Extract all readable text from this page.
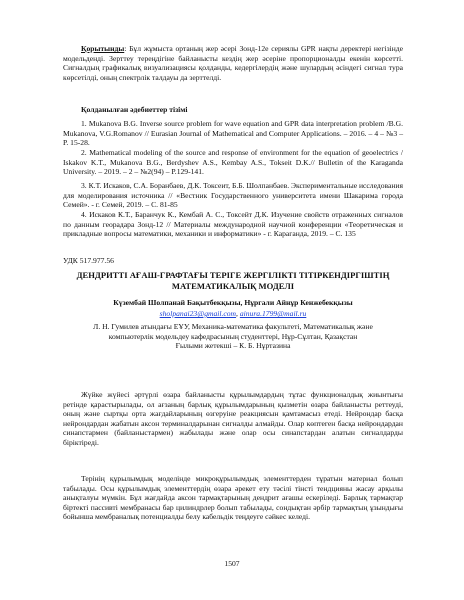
Қорытынды: Бұл жұмыста ортаның жер әсері Зонд-12е сериялы GPR нақты деректері негізінде модельденді. Зерттеу тереңдігіне байланысты кездің жер әсеріне пропорционалды екенін көрсетті. Сигналдың графикалық визуализациясы қолданды, кедергілердің және шулардың әсіндегі сигнал тура көрсетілді, оның спектрлік талдауы да зерттелді.

Қолданылған әдебиеттер тізімі

1. Mukanova B.G. Inverse source problem for wave equation and GPR data interpretation problem /B.G. Mukanova, V.G.Romanov // Eurasian Journal of Mathematical and Computer Applications. – 2016. – 4 – №3 – P. 15-28.

2. Mathematical modeling of the source and response of environment for the equation of geoelectrics / Iskakov K.T., Mukanova B.G., Berdyshev A.S., Kembay A.S., Tokseit D.K.// Bulletin of the Karaganda University. – 2019. – 2 – №2(94) – P.129-141.

3. К.Т. Искаков, С.А. Боранбаев, Д.К. Токсеит, Б.Б. Шолпанбаев. Экспериментальные исследования для моделирования источника // «Вестник Государственного университета имени Шакарима города Семей». - г. Семей, 2019. – С. 81-85

4. Искаков К.Т., Баранчук К., Кембай А. С., Токсейт Д.К. Изучение свойств отраженных сигналов по данным георадара Зонд-12 // Материалы международной научной конференции «Теоретическая и прикладные вопросы математики, механики и информатики» - г. Караганда, 2019. – С. 135

УДК 517.977.56

ДЕНДРИТТІ АҒАШ-ГРАФТАҒЫ ТЕРІГЕ ЖЕРГІЛІКТІ ТІТІРКЕНДІРГІШТІҢ
МАТЕМАТИКАЛЫҚ МОДЕЛІ

Күзембай Шолпанай Бақытбекқызы, Нұргали Айнұр Кенжебекқызы

sholpanai23@gmail.com, ainura.1799@mail.ru

Л. Н. Гумилев атындағы ЕҰУ, Механика-математика факультеті, Математикалық және
компьютерлік модельдеу кафедрасының студенттері, Нұр-Сұлтан, Қазақстан
Ғылыми жетекші – К. Б. Нұртазина

Жүйке жүйесі әртүрлі өзара байланысты құрылымдардың тұтас функционалдық жиынтығы ретінде қарастырылады, ол ағзаның барлық құрылымдарының қызметін өзара байланысты реттеуді, оның және сыртқы орта жағдайларының өзгеруіне реакциясын қамтамасыз етеді. Нейрондар басқа нейрондардан жабатын аксон терминалдарынан сигналды алмайды. Олар көптеген басқа нейрондардан синапстармен (байланыстармен) жабылады және олар осы синапстардан алатын сигналдарды біріктіреді.

Терінің құрылымдық моделінде микроқұрылымдық элементтерден тұратын материал болып табылады. Осы құрылымдық элементтердің өзара әрекет ету тәсілі тінсті тендцияны жасау арқылы анықталуы мүмкін. Бұл жағдайда аксон тармақтарының дендрит ағашы ескеріледі. Барлық тармақтар біртекті пассивті мембранасы бар цилиндрлер болып табылады, сондықтан әрбір тармақтың ұзындығы бойынша мембраналық потенциалды белу кабельдік теңдеуге сәйкес келеді.

1507
